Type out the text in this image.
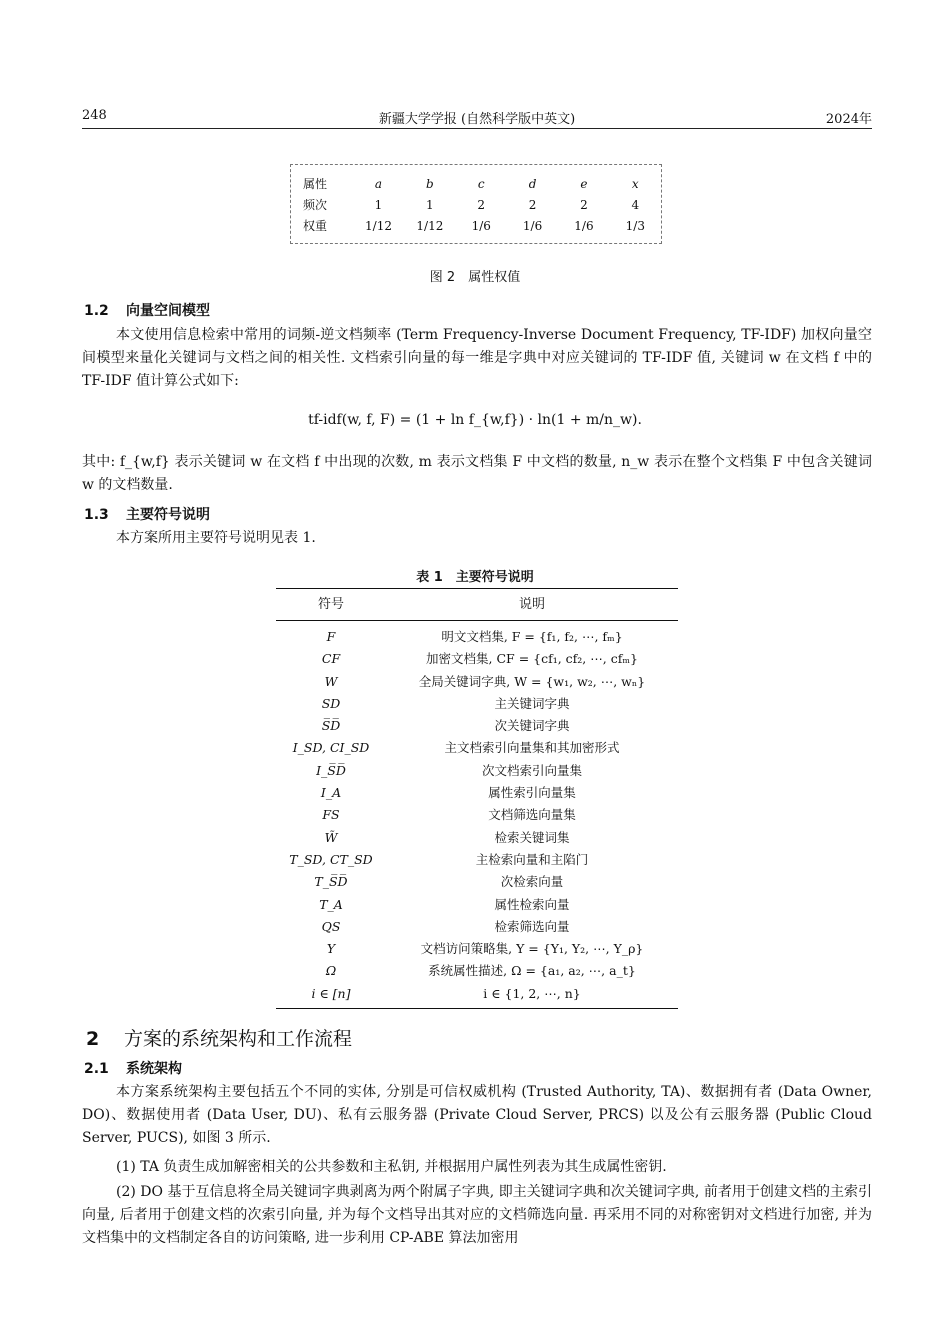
248	新疆大学学报 (自然科学版中英文)	2024年
属性	a	b	c	d	e	x
频次	1	1	2	2	2	4
权重	1/12	1/12	1/6	1/6	1/6	1/3
图 2　属性权值
1.2 向量空间模型
本文使用信息检索中常用的词频-逆文档频率 (Term Frequency-Inverse Document Frequency, TF-IDF) 加权向量空间模型来量化关键词与文档之间的相关性. 文档索引向量的每一维是字典中对应关键词的 TF-IDF 值, 关键词 w 在文档 f 中的 TF-IDF 值计算公式如下:
tf-idf(w, f, F) = (1 + ln f_{w,f}) · ln(1 + m/n_w).
其中: f_{w,f} 表示关键词 w 在文档 f 中出现的次数, m 表示文档集 F 中文档的数量, n_w 表示在整个文档集 F 中包含关键词 w 的文档数量.
1.3 主要符号说明
本方案所用主要符号说明见表 1.
表 1　主要符号说明
符号	说明
F	明文文档集, F = {f₁, f₂, ⋯, fₘ}
CF	加密文档集, CF = {cf₁, cf₂, ⋯, cfₘ}
W	全局关键词字典, W = {w₁, w₂, ⋯, wₙ}
SD	主关键词字典
S̅D̅	次关键词字典
I_SD, CI_SD	主文档索引向量集和其加密形式
I_S̅D̅	次文档索引向量集
I_A	属性索引向量集
FS	文档筛选向量集
W̃	检索关键词集
T_SD, CT_SD	主检索向量和主陷门
T_S̅D̅	次检索向量
T_A	属性检索向量
QS	检索筛选向量
Y	文档访问策略集, Y = {Y₁, Y₂, ⋯, Y_ρ}
Ω	系统属性描述, Ω = {a₁, a₂, ⋯, a_t}
i ∈ [n]	i ∈ {1, 2, ⋯, n}
2 方案的系统架构和工作流程
2.1 系统架构
本方案系统架构主要包括五个不同的实体, 分别是可信权威机构 (Trusted Authority, TA)、数据拥有者 (Data Owner, DO)、数据使用者 (Data User, DU)、私有云服务器 (Private Cloud Server, PRCS) 以及公有云服务器 (Public Cloud Server, PUCS), 如图 3 所示.
(1) TA 负责生成加解密相关的公共参数和主私钥, 并根据用户属性列表为其生成属性密钥.
(2) DO 基于互信息将全局关键词字典剥离为两个附属子字典, 即主关键词字典和次关键词字典, 前者用于创建文档的主索引向量, 后者用于创建文档的次索引向量, 并为每个文档导出其对应的文档筛选向量. 再采用不同的对称密钥对文档进行加密, 并为文档集中的文档制定各自的访问策略, 进一步利用 CP-ABE 算法加密用
